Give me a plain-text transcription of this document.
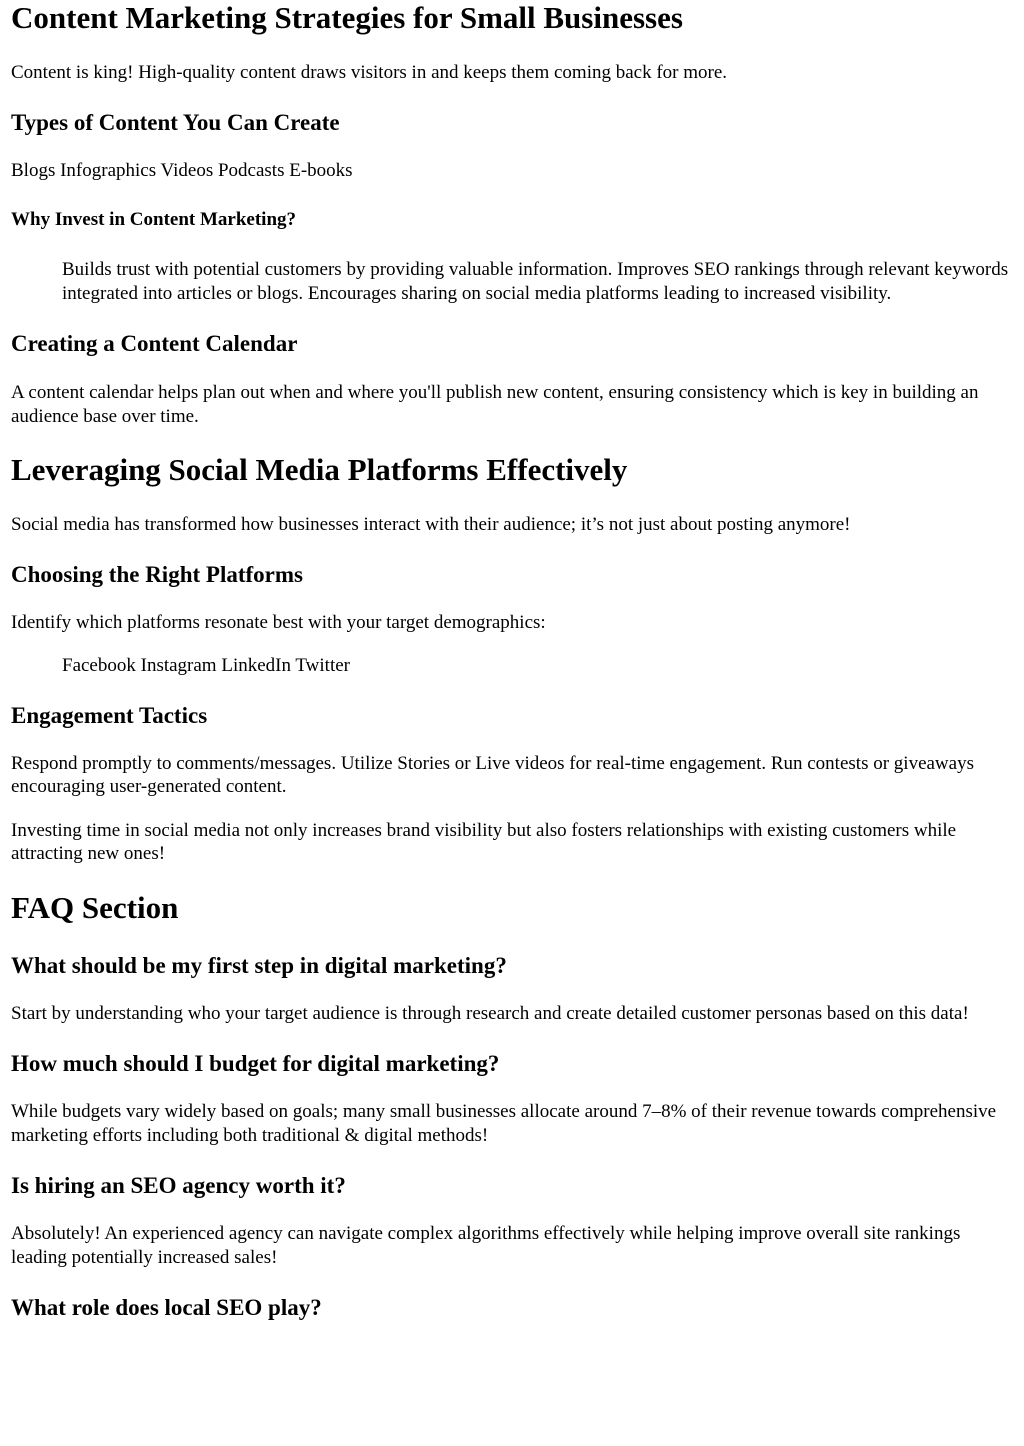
Content Marketing Strategies for Small Businesses

Content is king! High-quality content draws visitors in and keeps them coming back for more.

Types of Content You Can Create

Blogs Infographics Videos Podcasts E-books

Why Invest in Content Marketing?
Builds trust with potential customers by providing valuable information. Improves SEO rankings through relevant keywords integrated into articles or blogs. Encourages sharing on social media platforms leading to increased visibility.
Creating a Content Calendar

A content calendar helps plan out when and where you'll publish new content, ensuring consistency which is key in building an audience base over time.

Leveraging Social Media Platforms Effectively

Social media has transformed how businesses interact with their audience; it’s not just about posting anymore!

Choosing the Right Platforms

Identify which platforms resonate best with your target demographics:

Facebook Instagram LinkedIn Twitter
Engagement Tactics

Respond promptly to comments/messages. Utilize Stories or Live videos for real-time engagement. Run contests or giveaways encouraging user-generated content.

Investing time in social media not only increases brand visibility but also fosters relationships with existing customers while attracting new ones!

FAQ Section
What should be my first step in digital marketing?

Start by understanding who your target audience is through research and create detailed customer personas based on this data!

How much should I budget for digital marketing?

While budgets vary widely based on goals; many small businesses allocate around 7–8% of their revenue towards comprehensive marketing efforts including both traditional & digital methods!

Is hiring an SEO agency worth it?

Absolutely! An experienced agency can navigate complex algorithms effectively while helping improve overall site rankings leading potentially increased sales!

What role does local SEO play?
